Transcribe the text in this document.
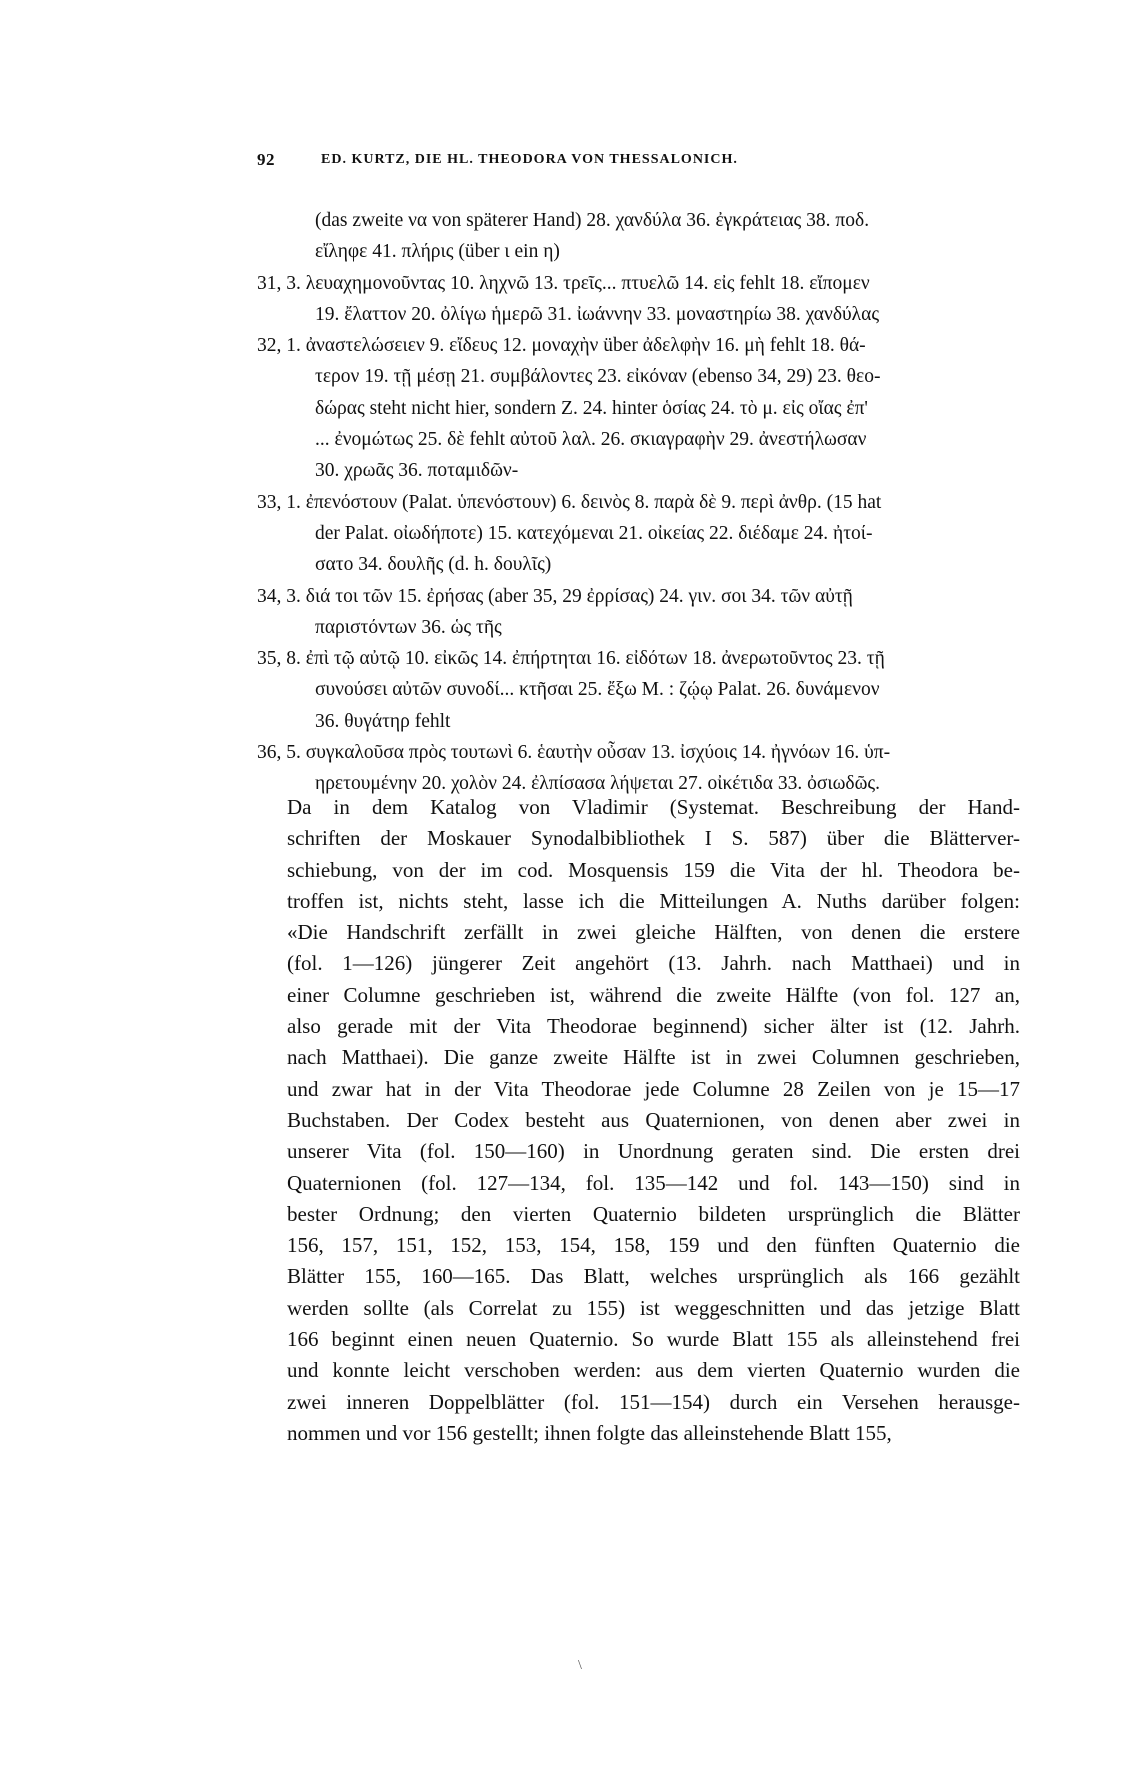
92	ED. KURTZ, DIE HL. THEODORA VON THESSALONICH.
(das zweite να von späterer Hand) 28. χανδύλα 36. ἐγκράτειας 38. ποδ.
εἴληφε 41. πλήρις (über ι ein η)
31, 3. λευαχημονοῦντας 10. ληχνῶ 13. τρεῖς... πτυελῶ 14. εἰς fehlt 18. εἴπομεν
19. ἔλαττον 20. ὀλίγω ἡμερῶ 31. ἰωάννην 33. μοναστηρίω 38. χανδύλας
32, 1. ἀναστελώσειεν 9. εἴδευς 12. μοναχὴν über ἀδελφὴν 16. μὴ fehlt 18. θά-
τερον 19. τῇ μέσῃ 21. συμβάλοντες 23. εἰκόναν (ebenso 34, 29) 23. θεο-
δώρας steht nicht hier, sondern Z. 24. hinter ὁσίας 24. τὸ μ. εἰς οἴας ἐπ'
... ἐνομώτως 25. δὲ fehlt αὐτοῦ λαλ. 26. σκιαγραφὴν 29. ἀνεστήλωσαν
30. χρωᾶς 36. ποταμιδῶν-
33, 1. ἐπενόστουν (Palat. ὑπενόστουν) 6. δεινὸς 8. παρὰ δὲ 9. περὶ ἀνθρ. (15 hat
der Palat. οἰωδήποτε) 15. κατεχόμεναι 21. οἰκείας 22. διέδαμε 24. ἠτοί-
σατο 34. δουλῆς (d. h. δουλῖς)
34, 3. διά τοι τῶν 15. ἐρήσας (aber 35, 29 ἐρρίσας) 24. γιν. σοι 34. τῶν αὐτῇ
παριστόντων 36. ὡς τῆς
35, 8. ἐπὶ τῷ αὐτῷ 10. εἰκῶς 14. ἐπήρτηται 16. εἰδότων 18. ἀνερωτοῦντος 23. τῇ
συνούσει αὐτῶν συνοδί... κτῆσαι 25. ἔξω M. : ζῴῳ Palat. 26. δυνάμενον
36. θυγάτηρ fehlt
36, 5. συγκαλοῦσα πρὸς τουτωνὶ 6. ἑαυτὴν οὖσαν 13. ἰσχύοις 14. ἠγνόων 16. ὑπ-
ηρετουμένην 20. χολὸν 24. ἐλπίσασα λήψεται 27. οἰκέτιδα 33. ὀσιωδῶς.
Da in dem Katalog von Vladimir (Systemat. Beschreibung der Hand-
schriften der Moskauer Synodalbibliothek I S. 587) über die Blätterver-
schiebung, von der im cod. Mosquensis 159 die Vita der hl. Theodora be-
troffen ist, nichts steht, lasse ich die Mitteilungen A. Nuths darüber folgen:
«Die Handschrift zerfällt in zwei gleiche Hälften, von denen die erstere
(fol. 1—126) jüngerer Zeit angehört (13. Jahrh. nach Matthaei) und in
einer Columne geschrieben ist, während die zweite Hälfte (von fol. 127 an,
also gerade mit der Vita Theodorae beginnend) sicher älter ist (12. Jahrh.
nach Matthaei). Die ganze zweite Hälfte ist in zwei Columnen geschrieben,
und zwar hat in der Vita Theodorae jede Columne 28 Zeilen von je 15—17
Buchstaben. Der Codex besteht aus Quaternionen, von denen aber zwei in
unserer Vita (fol. 150—160) in Unordnung geraten sind. Die ersten drei
Quaternionen (fol. 127—134, fol. 135—142 und fol. 143—150) sind in
bester Ordnung; den vierten Quaternio bildeten ursprünglich die Blätter
156, 157, 151, 152, 153, 154, 158, 159 und den fünften Quaternio die
Blätter 155, 160—165. Das Blatt, welches ursprünglich als 166 gezählt
werden sollte (als Correlat zu 155) ist weggeschnitten und das jetzige Blatt
166 beginnt einen neuen Quaternio. So wurde Blatt 155 als alleinstehend frei
und konnte leicht verschoben werden: aus dem vierten Quaternio wurden die
zwei inneren Doppelblätter (fol. 151—154) durch ein Versehen herausge-
nommen und vor 156 gestellt; ihnen folgte das alleinstehende Blatt 155,
\
